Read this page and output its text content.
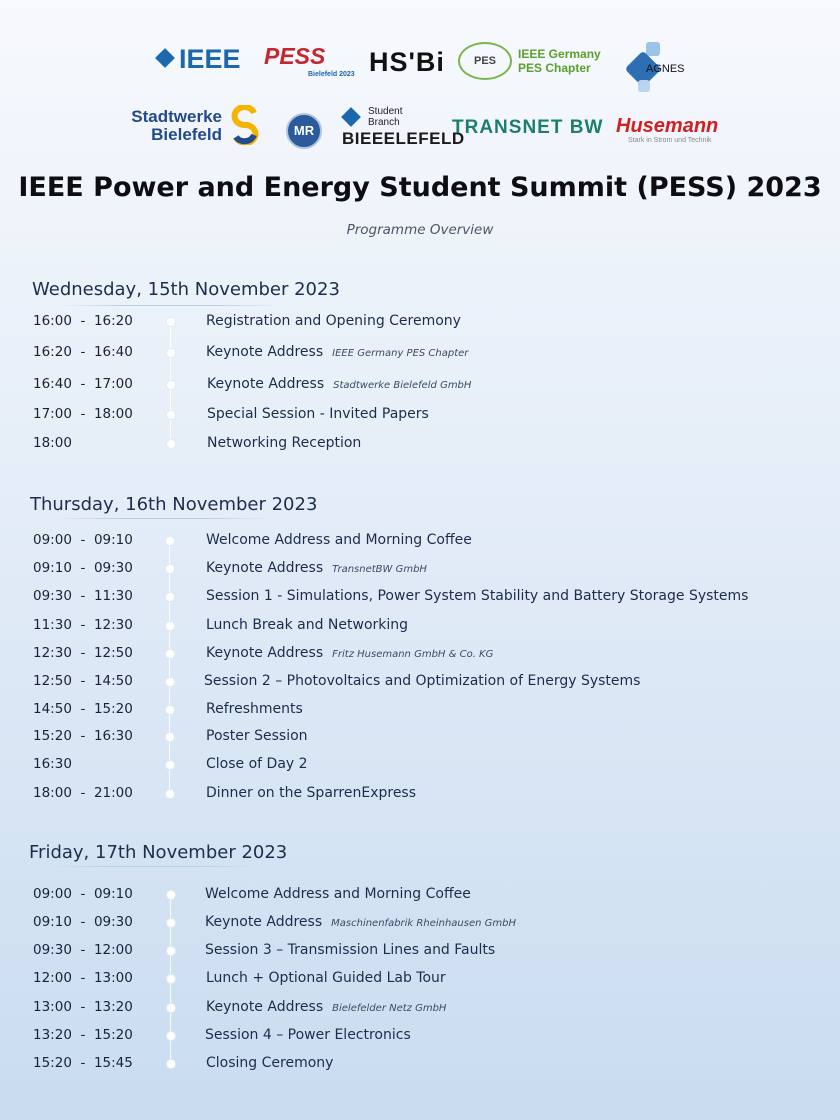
IEEE PESS
Bielefeld 2023 HS'Bi	PES IEEE Germany PES Chapter	AGNES
Stadtwerke Bielefeld	MR
Student Branch
BIEEELEFELD
TRANSNET BW Husemann
Stark in Strom und Technik
IEEE Power and Energy Student Summit (PESS) 2023
Programme Overview
Wednesday, 15th November 2023
16:00  -  16:20	Registration and Opening Ceremony
16:20  -  16:40	Keynote Address IEEE Germany PES Chapter
16:40  -  17:00	Keynote Address Stadtwerke Bielefeld GmbH
17:00  -  18:00	Special Session - Invited Papers
18:00	Networking Reception
Thursday, 16th November 2023
09:00  -  09:10	Welcome Address and Morning Coffee
09:10  -  09:30	Keynote Address TransnetBW GmbH
09:30  -  11:30	Session 1 - Simulations, Power System Stability and Battery Storage Systems
11:30  -  12:30	Lunch Break and Networking
12:30  -  12:50	Keynote Address Fritz Husemann GmbH & Co. KG
12:50  -  14:50	Session 2 – Photovoltaics and Optimization of Energy Systems
14:50  -  15:20	Refreshments
15:20  -  16:30	Poster Session
16:30	Close of Day 2
18:00  -  21:00	Dinner on the SparrenExpress
Friday, 17th November 2023
09:00  -  09:10	Welcome Address and Morning Coffee
09:10  -  09:30	Keynote Address Maschinenfabrik Rheinhausen GmbH
09:30  -  12:00	Session 3 – Transmission Lines and Faults
12:00  -  13:00	Lunch + Optional Guided Lab Tour
13:00  -  13:20	Keynote Address Bielefelder Netz GmbH
13:20  -  15:20	Session 4 – Power Electronics
15:20  -  15:45	Closing Ceremony
